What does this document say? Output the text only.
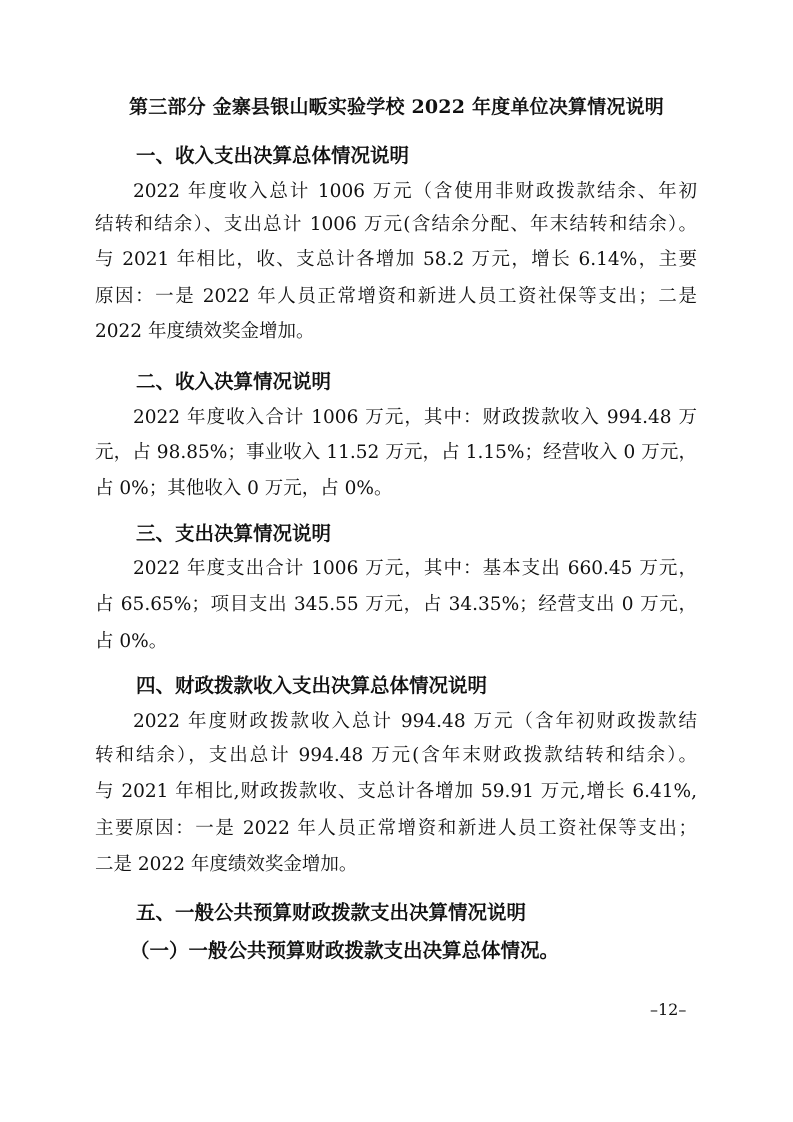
第三部分 金寨县银山畈实验学校 2022 年度单位决算情况说明
一、收入支出决算总体情况说明
2022 年度收入总计 1006 万元（含使用非财政拨款结余、年初
结转和结余）、支出总计 1006 万元(含结余分配、年末结转和结余）。
与 2021 年相比，收、支总计各增加 58.2 万元，增长 6.14%，主要
原因：一是 2022 年人员正常增资和新进人员工资社保等支出；二是
2022 年度绩效奖金增加。
二、收入决算情况说明
2022 年度收入合计 1006 万元，其中：财政拨款收入 994.48 万
元，占 98.85%；事业收入 11.52 万元，占 1.15%；经营收入 0 万元，
占 0%；其他收入 0 万元，占 0%。
三、支出决算情况说明
2022 年度支出合计 1006 万元，其中：基本支出 660.45 万元，
占 65.65%；项目支出 345.55 万元，占 34.35%；经营支出 0 万元，
占 0%。
四、财政拨款收入支出决算总体情况说明
2022 年度财政拨款收入总计 994.48 万元（含年初财政拨款结
转和结余），支出总计 994.48 万元(含年末财政拨款结转和结余）。
与 2021 年相比,财政拨款收、支总计各增加 59.91 万元,增长 6.41%,
主要原因：一是 2022 年人员正常增资和新进人员工资社保等支出；
二是 2022 年度绩效奖金增加。
五、一般公共预算财政拨款支出决算情况说明
（一）一般公共预算财政拨款支出决算总体情况。
–12–
